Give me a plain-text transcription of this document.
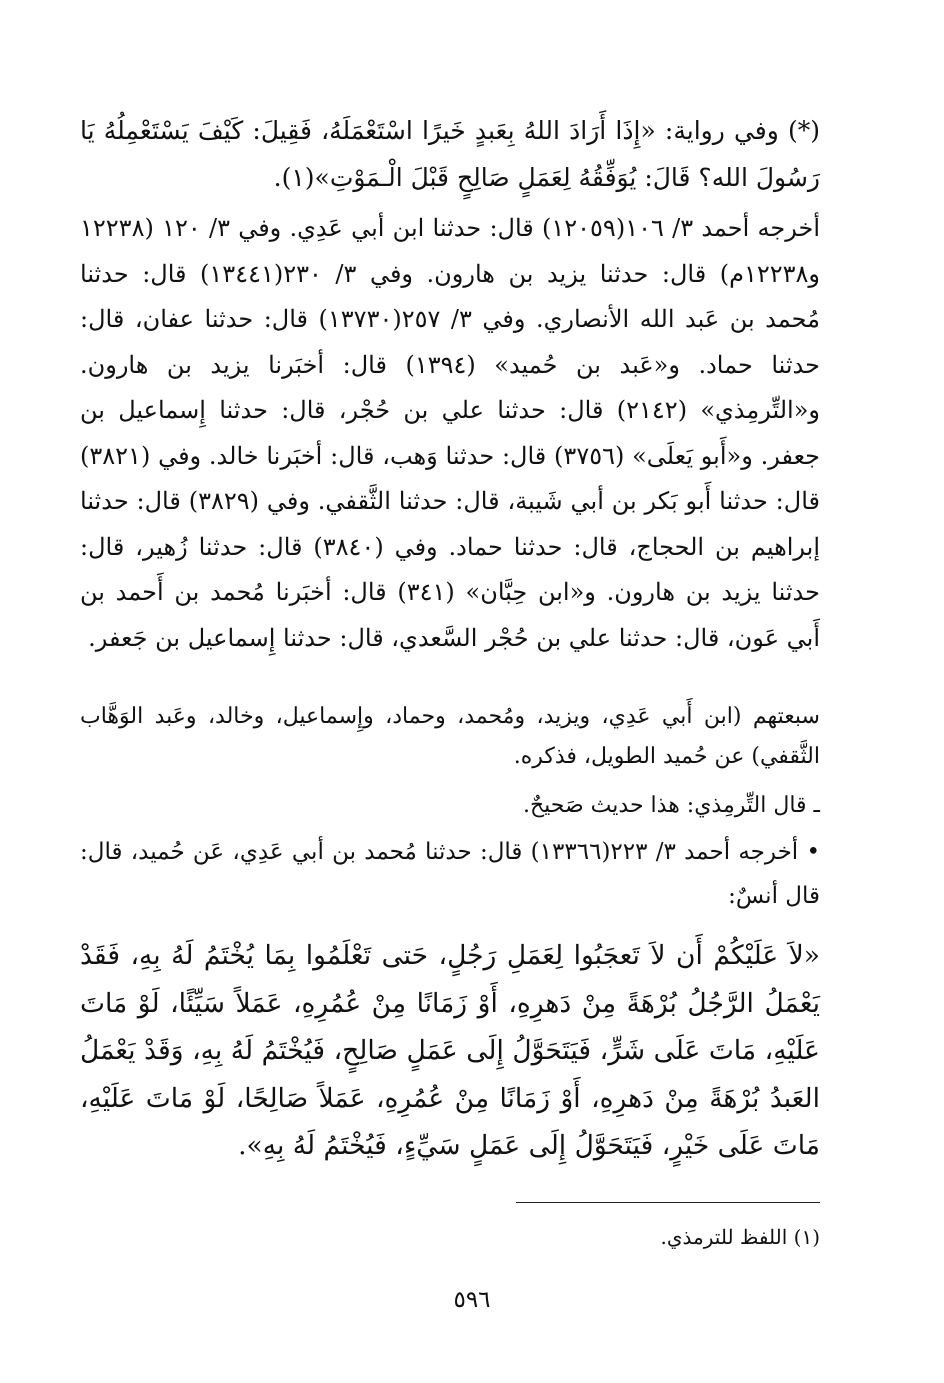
(*) وفي رواية: «إِذَا أَرَادَ اللهُ بِعَبدٍ خَيرًا اسْتَعْمَلَهُ، فَقِيلَ: كَيْفَ يَسْتَعْمِلُهُ يَا رَسُولَ الله؟ قَالَ: يُوَفِّقُهُ لِعَمَلٍ صَالِحٍ قَبْلَ الْـمَوْتِ»(١).

أخرجه أحمد ٣/ ١٠٦(١٢٠٥٩) قال: حدثنا ابن أبي عَدِي. وفي ٣/ ١٢٠ (١٢٢٣٨ و١٢٢٣٨م) قال: حدثنا يزيد بن هارون. وفي ٣/ ٢٣٠(١٣٤٤١) قال: حدثنا مُحمد بن عَبد الله الأنصاري. وفي ٣/ ٢٥٧(١٣٧٣٠) قال: حدثنا عفان، قال: حدثنا حماد. و«عَبد بن حُميد» (١٣٩٤) قال: أخبَرنا يزيد بن هارون. و«التِّرمِذي» (٢١٤٢) قال: حدثنا علي بن حُجْر، قال: حدثنا إِسماعيل بن جعفر. و«أَبو يَعلَى» (٣٧٥٦) قال: حدثنا وَهب، قال: أخبَرنا خالد. وفي (٣٨٢١) قال: حدثنا أَبو بَكر بن أبي شَيبة، قال: حدثنا الثَّقفي. وفي (٣٨٢٩) قال: حدثنا إبراهيم بن الحجاج، قال: حدثنا حماد. وفي (٣٨٤٠) قال: حدثنا زُهير، قال: حدثنا يزيد بن هارون. و«ابن حِبَّان» (٣٤١) قال: أخبَرنا مُحمد بن أَحمد بن أَبي عَون، قال: حدثنا علي بن حُجْر السَّعدي، قال: حدثنا إِسماعيل بن جَعفر.

سبعتهم (ابن أَبي عَدِي، ويزيد، ومُحمد، وحماد، وإِسماعيل، وخالد، وعَبد الوَهَّاب الثَّقفي) عن حُميد الطويل، فذكره.

ـ قال التِّرمِذي: هذا حديث صَحيحٌ.

• أخرجه أحمد ٣/ ٢٢٣(١٣٣٦٦) قال: حدثنا مُحمد بن أبي عَدِي، عَن حُميد، قال: قال أنسٌ:

«لاَ عَلَيْكُمْ أَن لاَ تَعجَبُوا لِعَمَلِ رَجُلٍ، حَتى تَعْلَمُوا بِمَا يُخْتَمُ لَهُ بِهِ، فَقَدْ يَعْمَلُ الرَّجُلُ بُرْهَةً مِنْ دَهرِهِ، أَوْ زَمَانًا مِنْ عُمُرِهِ، عَمَلاً سَيِّئًا، لَوْ مَاتَ عَلَيْهِ، مَاتَ عَلَى شَرٍّ، فَيَتَحَوَّلُ إِلَى عَمَلٍ صَالِحٍ، فَيُخْتَمُ لَهُ بِهِ، وَقَدْ يَعْمَلُ العَبدُ بُرْهَةً مِنْ دَهرِهِ، أَوْ زَمَانًا مِنْ عُمُرِهِ، عَمَلاً صَالِحًا، لَوْ مَاتَ عَلَيْهِ، مَاتَ عَلَى خَيْرٍ، فَيَتَحَوَّلُ إِلَى عَمَلٍ سَيِّءٍ، فَيُخْتَمُ لَهُ بِهِ».

(١) اللفظ للترمذي.
٥٩٦
